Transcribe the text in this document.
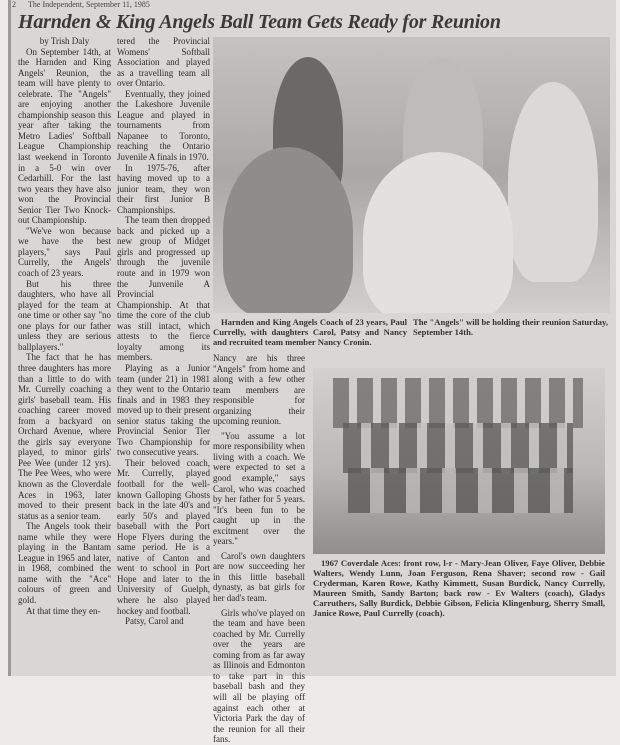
2 The Independent, September 11, 1985
Harnden & King Angels Ball Team Gets Ready for Reunion

by Trish Daly

On September 14th, at the Harnden and King Angels' Reunion, the team will have plenty to celebrate. The "Angels" are enjoying another championship season this year after taking the Metro Ladies' Softball League Championship last weekend in Toronto in a 5-0 win over Cedarhill. For the last two years they have also won the Provincial Senior Tier Two Knock-out Championship.

"We've won because we have the best players," says Paul Currelly, the Angels' coach of 23 years.

But his three daughters, who have all played for the team at one time or other say "no one plays for our father unless they are serious ballplayers."

The fact that he has three daughters has more than a little to do with Mr. Currelly coaching a girls' baseball team. His coaching career moved from a backyard on Orchard Avenue, where the girls say everyone played, to minor girls' Pee Wee (under 12 yrs). The Pee Wees, who were known as the Cloverdale Aces in 1963, later moved to their present status as a senior team.

The Angels took their name while they were playing in the Bantam League in 1965 and later, in 1968, combined the name with the "Ace" colours of green and gold.

At that time they en-

tered the Provincial Womens' Softball Association and played as a travelling team all over Ontario.

Eventually, they joined the Lakeshore Juvenile League and played in tournaments from Napanee to Toronto, reaching the Ontario Juvenile A finals in 1970.

In 1975-76, after having moved up to a junior team, they won their first Junior B Championships.

The team then dropped back and picked up a new group of Midget girls and progressed up through the juvenile route and in 1979 won the Junvenile A Provincial Championship. At that time the core of the club was still intact, which attests to the fierce loyalty among its members.

Playing as a Junior team (under 21) in 1981 they went to the Ontario finals and in 1983 they moved up to their present senior status taking the Provincial Senior Tier Two Championship for two consecutive years.

Their beloved coach, Mr. Currelly, played football for the well-known Galloping Ghosts back in the late 40's and early 50's and played baseball with the Port Hope Flyers during the same period. He is a native of Canton and went to school in Port Hope and later to the University of Guelph, where he also played hockey and football.

Patsy, Carol and

Harnden and King Angels Coach of 23 years, Paul Currelly, with daughters Carol, Patsy and Nancy and recruited team member Nancy Cronin.

The "Angels" will be holding their reunion Saturday, September 14th.

Nancy are his three "Angels" from home and along with a few other team members are responsible for organizing their upcoming reunion.

"You assume a lot more responsibility when living with a coach. We were expected to set a good example," says Carol, who was coached by her father for 5 years. "It's been fun to be caught up in the excitment over the years."

Carol's own daughters are now succeeding her in this little baseball dynasty, as bat girls for her dad's team.

Girls who've played on the team and have been coached by Mr. Currelly over the years are coming from as far away as Illinois and Edmonton to take part in this baseball bash and they will all be playing off against each other at Victoria Park the day of the reunion for all their fans.

1967 Coverdale Aces: front row, l-r - Mary-Jean Oliver, Faye Oliver, Debbie Walters, Wendy Lunn, Joan Ferguson, Rena Shaver; second row - Gail Cryderman, Karen Rowe, Kathy Kimmett, Susan Burdick, Nancy Currelly, Maureen Smith, Sandy Barton; back row - Ev Walters (coach), Gladys Carruthers, Sally Burdick, Debbie Gibson, Felicia Klingenburg, Sherry Small, Janice Rowe, Paul Currelly (coach).
